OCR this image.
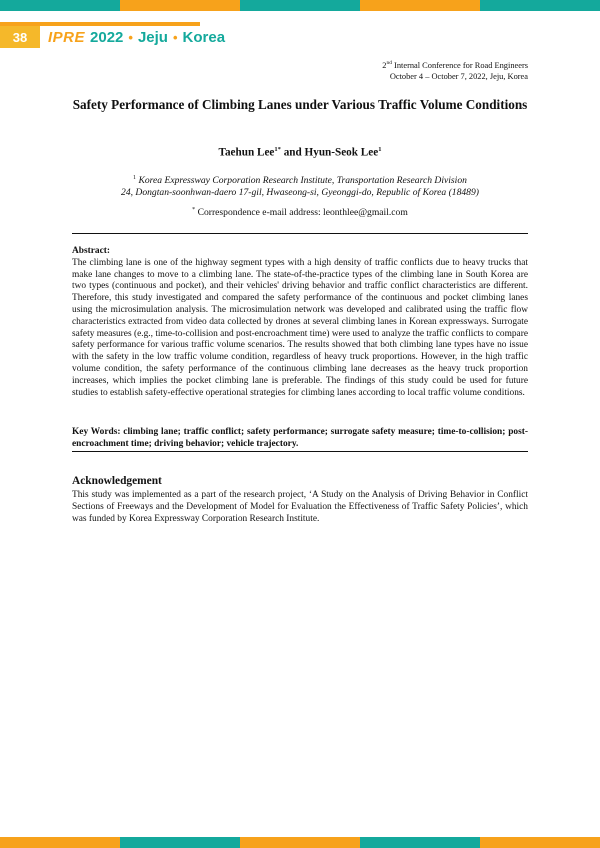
38	IPRE 2022 • Jeju • Korea
2nd Internal Conference for Road Engineers
October 4 – October 7, 2022, Jeju, Korea
Safety Performance of Climbing Lanes under Various Traffic Volume Conditions
Taehun Lee$^{1*}$ and Hyun-Seok Lee$^1$
$^1$ Korea Expressway Corporation Research Institute, Transportation Research Division
24, Dongtan-soonhwan-daero 17-gil, Hwaseong-si, Gyeonggi-do, Republic of Korea (18489)
* Correspondence e-mail address: leonthlee@gmail.com
Abstract:
The climbing lane is one of the highway segment types with a high density of traffic conflicts due to heavy trucks that make lane changes to move to a climbing lane. The state-of-the-practice types of the climbing lane in South Korea are two types (continuous and pocket), and their vehicles' driving behavior and traffic conflict characteristics are different. Therefore, this study investigated and compared the safety performance of the continuous and pocket climbing lanes using the microsimulation analysis. The microsimulation network was developed and calibrated using the traffic flow characteristics extracted from video data collected by drones at several climbing lanes in Korean expressways. Surrogate safety measures (e.g., time-to-collision and post-encroachment time) were used to analyze the traffic conflicts to compare safety performance for various traffic volume scenarios. The results showed that both climbing lane types have no issue with the safety in the low traffic volume condition, regardless of heavy truck proportions. However, in the high traffic volume condition, the safety performance of the continuous climbing lane decreases as the heavy truck proportion increases, which implies the pocket climbing lane is preferable. The findings of this study could be used for future studies to establish safety-effective operational strategies for climbing lanes according to local traffic volume conditions.
Key Words: climbing lane; traffic conflict; safety performance; surrogate safety measure; time-to-collision; post-encroachment time; driving behavior; vehicle trajectory.
Acknowledgement
This study was implemented as a part of the research project, ‘A Study on the Analysis of Driving Behavior in Conflict Sections of Freeways and the Development of Model for Evaluation the Effectiveness of Traffic Safety Policies’, which was funded by Korea Expressway Corporation Research Institute.
